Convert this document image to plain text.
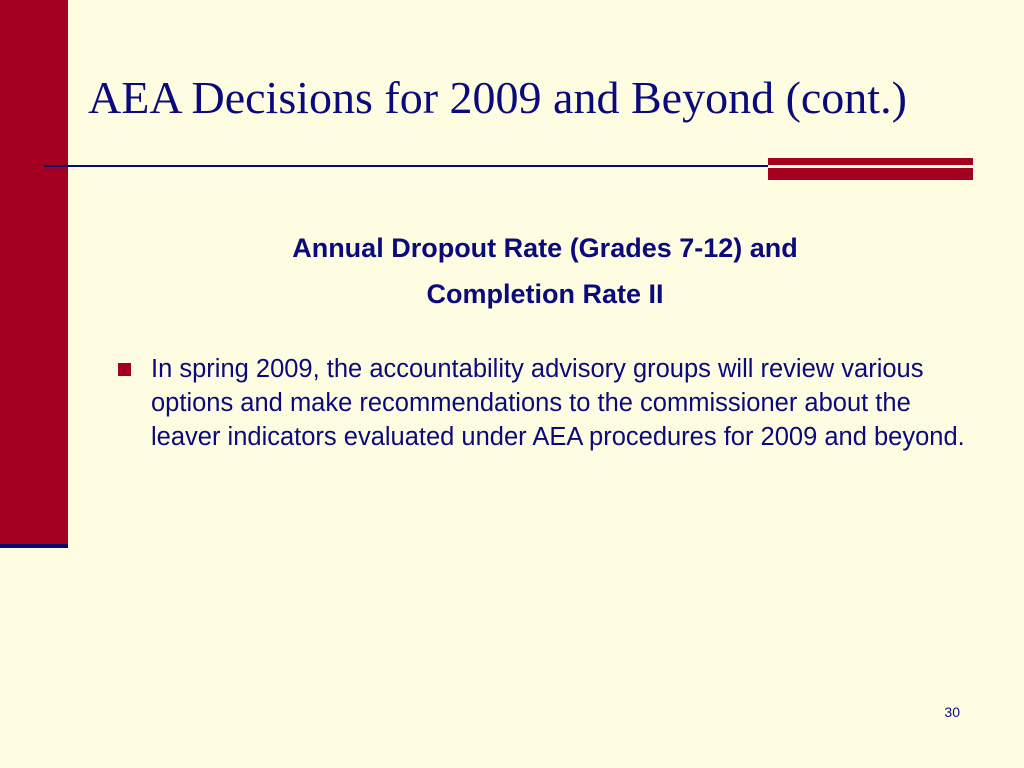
AEA Decisions for 2009 and Beyond (cont.)
Annual Dropout Rate (Grades 7-12) and
Completion Rate II
In spring 2009, the accountability advisory groups will review various options and make recommendations to the commissioner about the leaver indicators evaluated under AEA procedures for 2009 and beyond.
30
